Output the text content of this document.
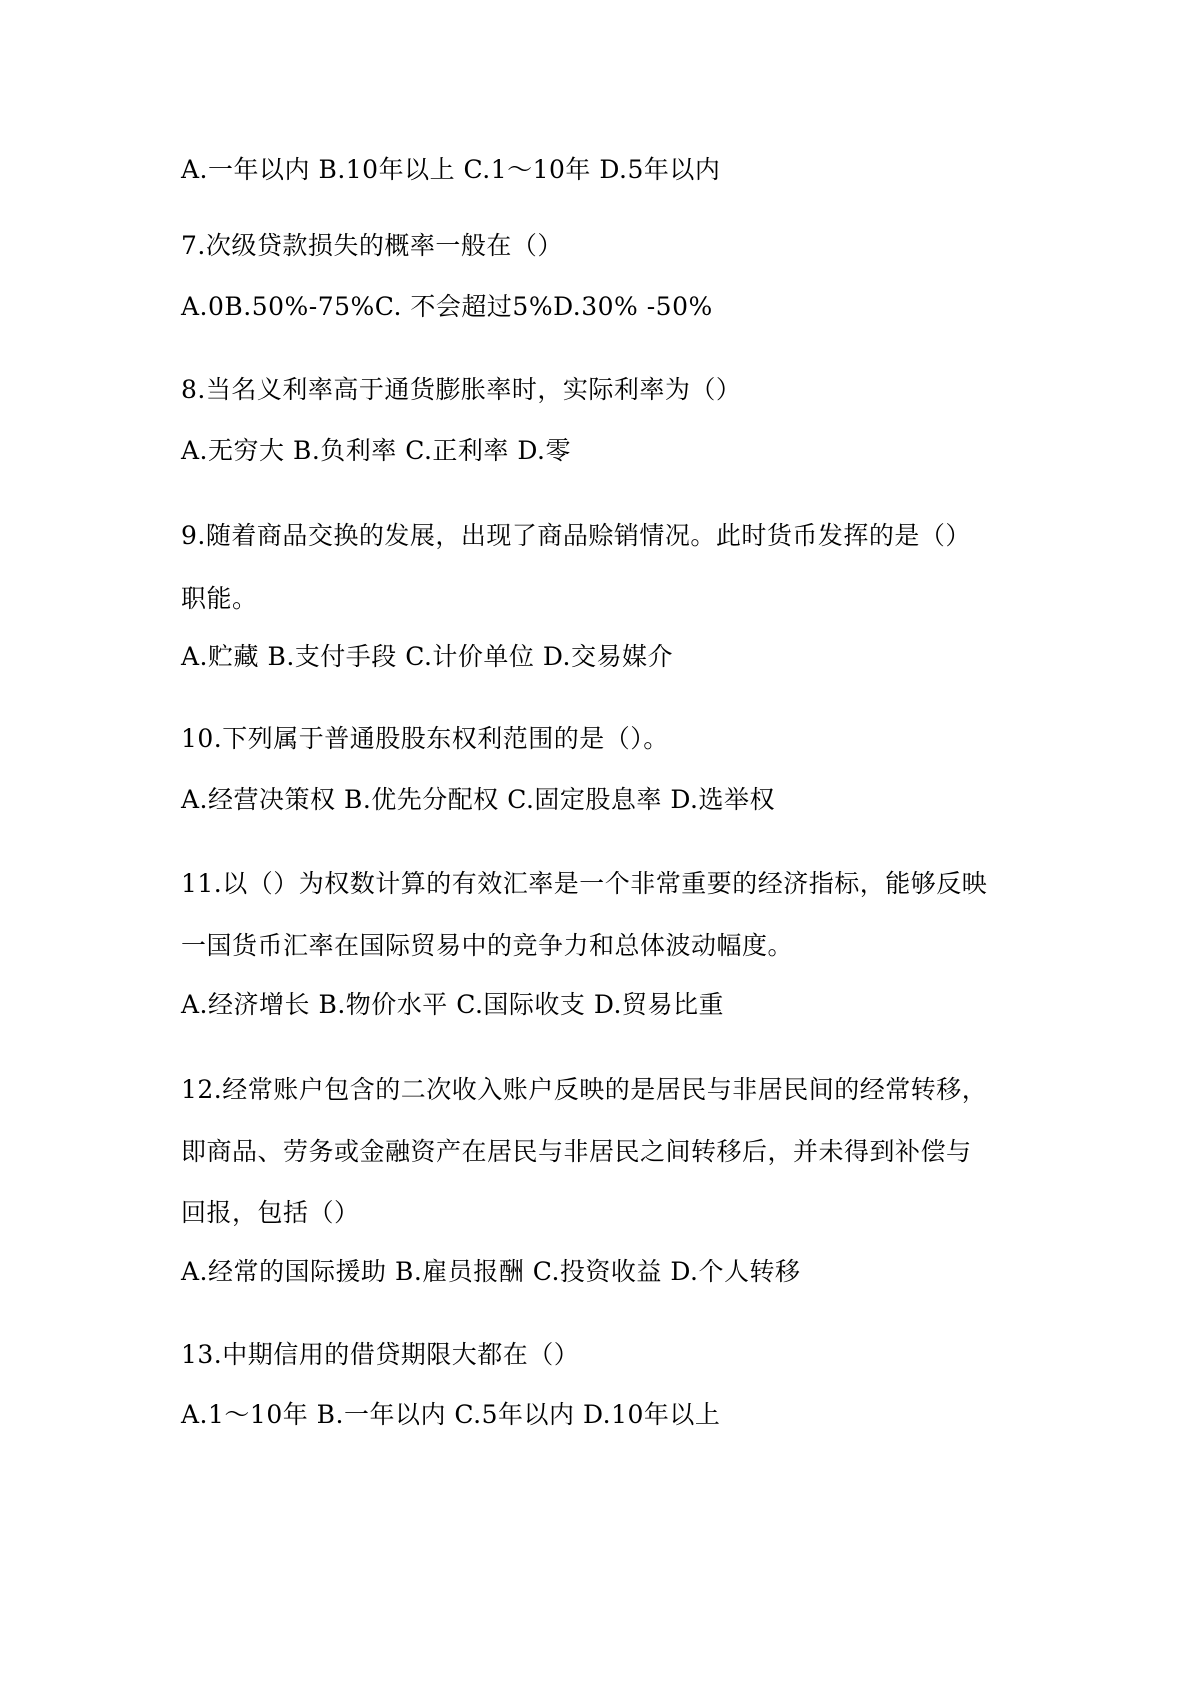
A.一年以内 B.10年以上 C.1～10年 D.5年以内
7.次级贷款损失的概率一般在（）
A.0B.50%-75%C. 不会超过5%D.30% -50%
8.当名义利率高于通货膨胀率时，实际利率为（）
A.无穷大 B.负利率 C.正利率 D.零
9.随着商品交换的发展，出现了商品赊销情况。此时货币发挥的是（）
职能。
A.贮藏 B.支付手段 C.计价单位 D.交易媒介
10.下列属于普通股股东权利范围的是（）。
A.经营决策权 B.优先分配权 C.固定股息率 D.选举权
11.以（）为权数计算的有效汇率是一个非常重要的经济指标，能够反映
一国货币汇率在国际贸易中的竞争力和总体波动幅度。
A.经济增长 B.物价水平 C.国际收支 D.贸易比重
12.经常账户包含的二次收入账户反映的是居民与非居民间的经常转移，
即商品、劳务或金融资产在居民与非居民之间转移后，并未得到补偿与
回报，包括（）
A.经常的国际援助 B.雇员报酬 C.投资收益 D.个人转移
13.中期信用的借贷期限大都在（）
A.1～10年 B.一年以内 C.5年以内 D.10年以上
